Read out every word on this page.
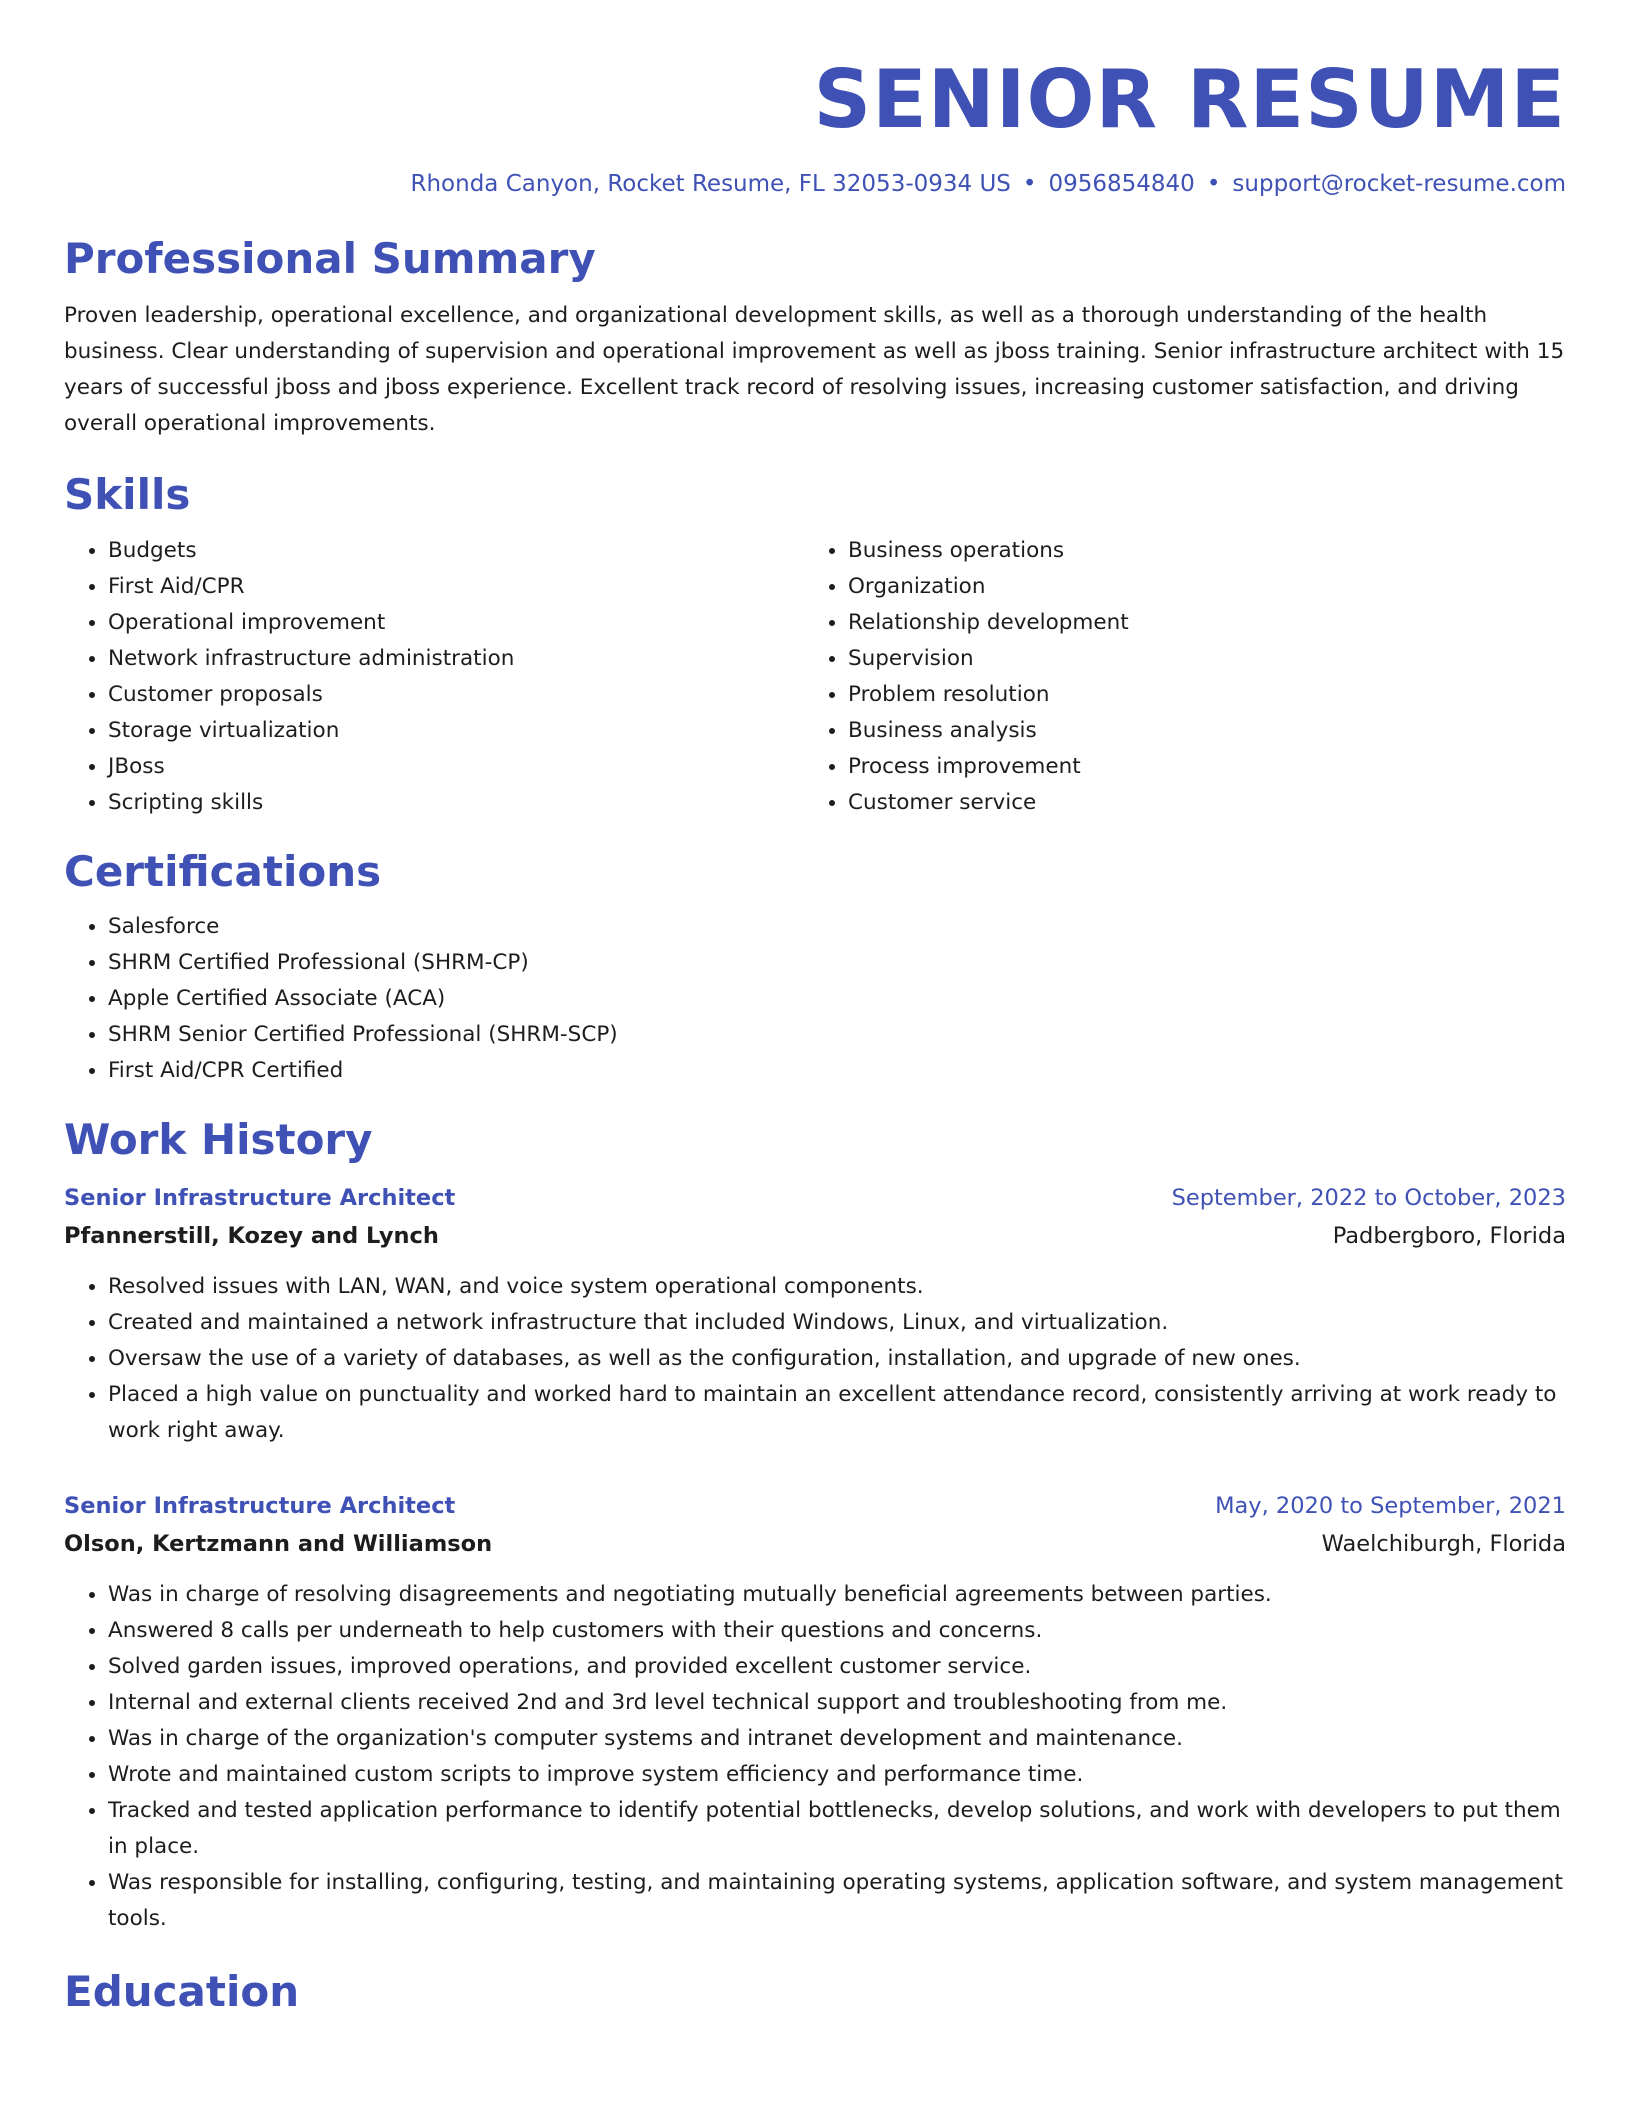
SENIOR RESUME
Rhonda Canyon, Rocket Resume, FL 32053-0934 US • 0956854840 • support@rocket-resume.com
Professional Summary
Proven leadership, operational excellence, and organizational development skills, as well as a thorough understanding of the health business. Clear understanding of supervision and operational improvement as well as jboss training. Senior infrastructure architect with 15 years of successful jboss and jboss experience. Excellent track record of resolving issues, increasing customer satisfaction, and driving overall operational improvements.
Skills
• Budgets
• First Aid/CPR
• Operational improvement
• Network infrastructure administration
• Customer proposals
• Storage virtualization
• JBoss
• Scripting skills
• Business operations
• Organization
• Relationship development
• Supervision
• Problem resolution
• Business analysis
• Process improvement
• Customer service
Certifications
• Salesforce
• SHRM Certified Professional (SHRM-CP)
• Apple Certified Associate (ACA)
• SHRM Senior Certified Professional (SHRM-SCP)
• First Aid/CPR Certified
Work History
Senior Infrastructure Architect	September, 2022 to October, 2023
Pfannerstill, Kozey and Lynch	Padbergboro, Florida
• Resolved issues with LAN, WAN, and voice system operational components.
• Created and maintained a network infrastructure that included Windows, Linux, and virtualization.
• Oversaw the use of a variety of databases, as well as the configuration, installation, and upgrade of new ones.
• Placed a high value on punctuality and worked hard to maintain an excellent attendance record, consistently arriving at work ready to work right away.
Senior Infrastructure Architect	May, 2020 to September, 2021
Olson, Kertzmann and Williamson	Waelchiburgh, Florida
• Was in charge of resolving disagreements and negotiating mutually beneficial agreements between parties.
• Answered 8 calls per underneath to help customers with their questions and concerns.
• Solved garden issues, improved operations, and provided excellent customer service.
• Internal and external clients received 2nd and 3rd level technical support and troubleshooting from me.
• Was in charge of the organization's computer systems and intranet development and maintenance.
• Wrote and maintained custom scripts to improve system efficiency and performance time.
• Tracked and tested application performance to identify potential bottlenecks, develop solutions, and work with developers to put them in place.
• Was responsible for installing, configuring, testing, and maintaining operating systems, application software, and system management tools.
Education
